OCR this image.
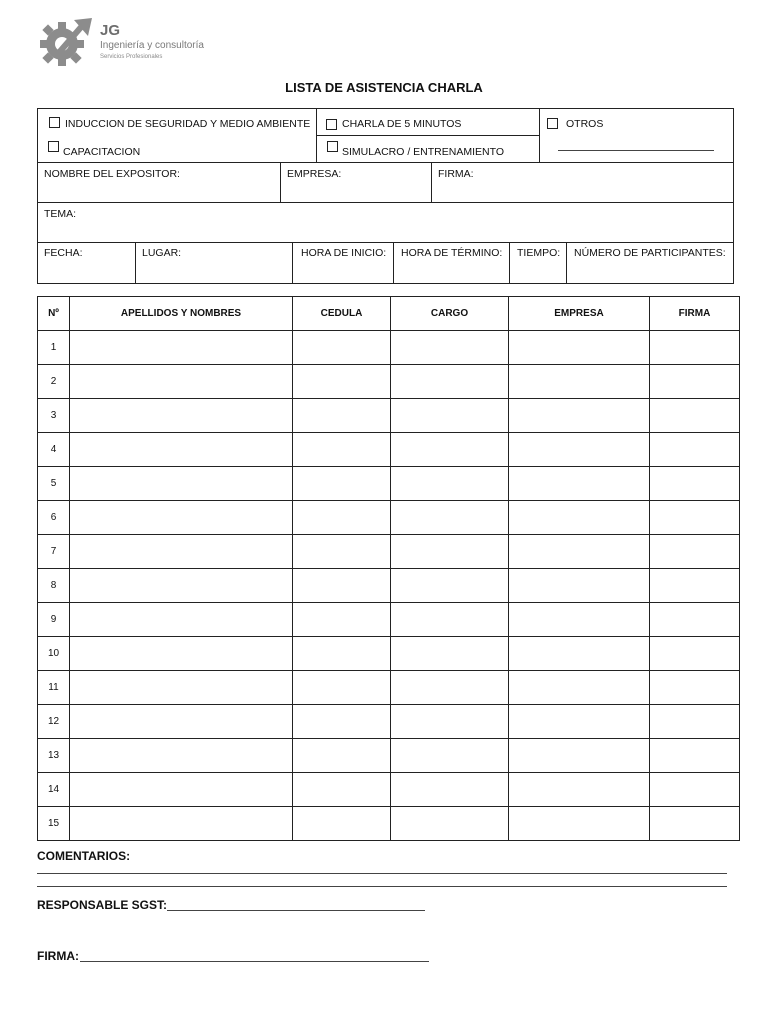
JG
Ingeniería y consultoría
Servicios Profesionales
LISTA DE ASISTENCIA CHARLA
INDUCCION DE SEGURIDAD Y MEDIO AMBIENTE	CHARLA DE 5 MINUTOS	OTROS
CAPACITACION	SIMULACRO / ENTRENAMIENTO
NOMBRE DEL EXPOSITOR:	EMPRESA:	FIRMA:
TEMA:
FECHA:	LUGAR:	HORA DE INICIO: HORA DE TÉRMINO: TIEMPO: NÚMERO DE PARTICIPANTES:
Nº	APELLIDOS Y NOMBRES	CEDULA	CARGO	EMPRESA	FIRMA
1					
2					
3					
4					
5					
6					
7					
8					
9					
10					
11					
12					
13					
14					
15					
COMENTARIOS:
RESPONSABLE SGST:
FIRMA:
